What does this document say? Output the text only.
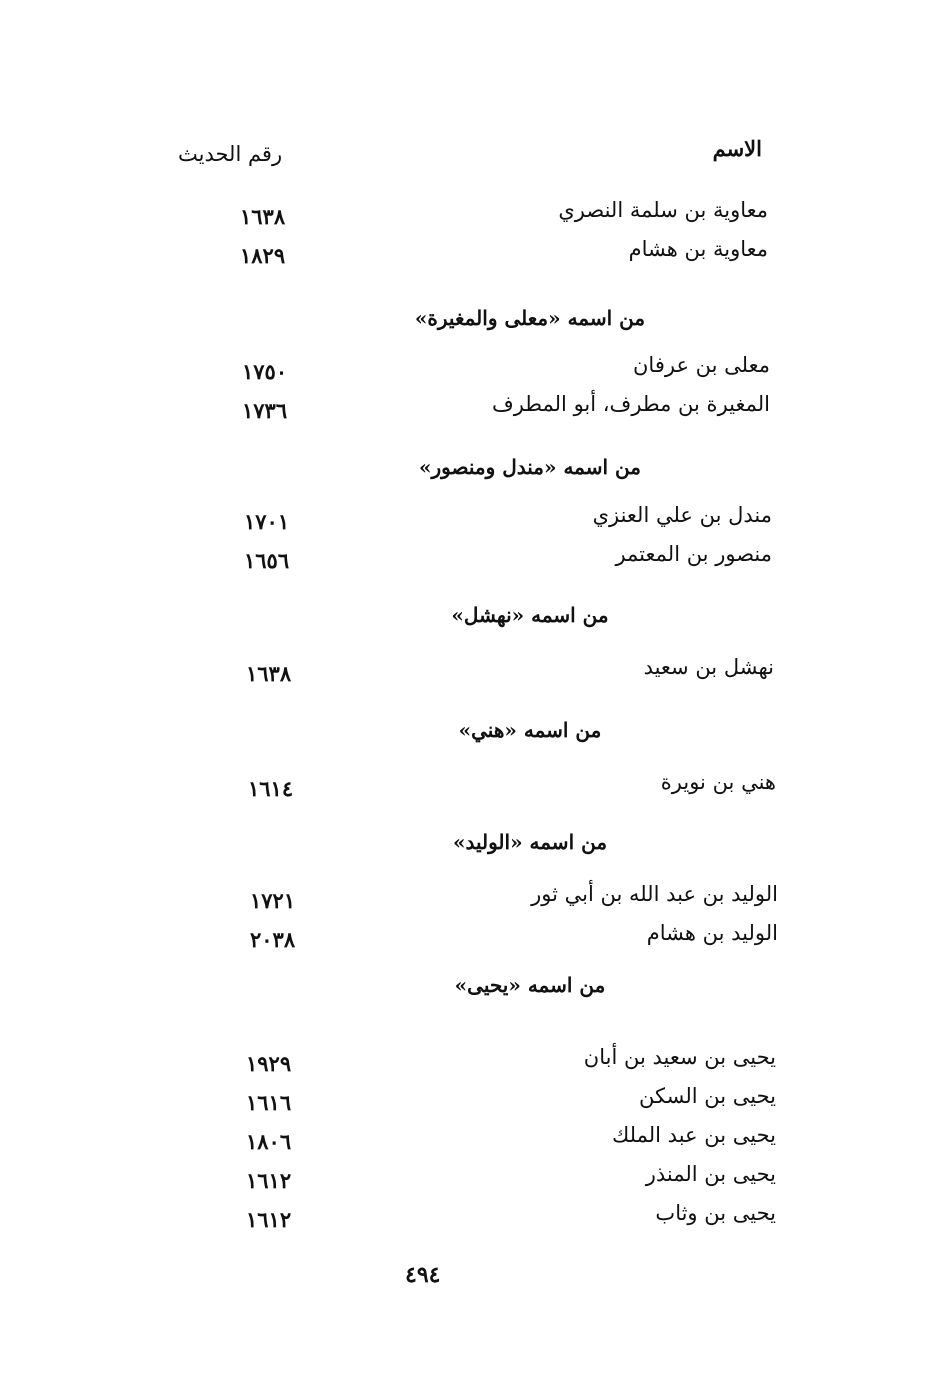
الاسم
رقم الحديث
معاوية بن سلمة النصري
١٦٣٨
معاوية بن هشام
١٨٢٩
من اسمه «معلى والمغيرة»
معلى بن عرفان
١٧٥٠
المغيرة بن مطرف، أبو المطرف
١٧٣٦
من اسمه «مندل ومنصور»
مندل بن علي العنزي
١٧٠١
منصور بن المعتمر
١٦٥٦
من اسمه «نهشل»
نهشل بن سعيد
١٦٣٨
من اسمه «هني»
هني بن نويرة
١٦١٤
من اسمه «الوليد»
الوليد بن عبد الله بن أبي ثور
١٧٢١
الوليد بن هشام
٢٠٣٨
من اسمه «يحيى»
يحيى بن سعيد بن أبان
١٩٢٩
يحيى بن السكن
١٦١٦
يحيى بن عبد الملك
١٨٠٦
يحيى بن المنذر
١٦١٢
يحيى بن وثاب
١٦١٢
٤٩٤
